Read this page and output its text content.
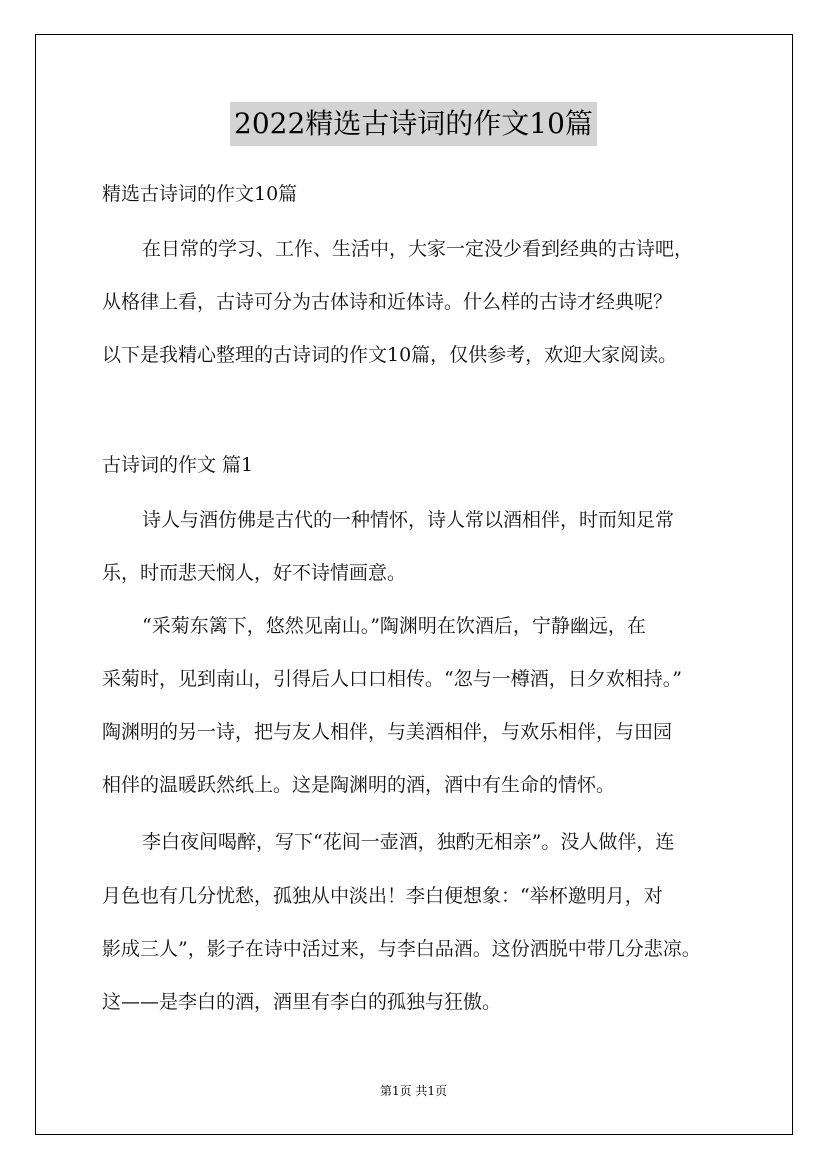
2022精选古诗词的作文10篇
精选古诗词的作文10篇
在日常的学习、工作、生活中，大家一定没少看到经典的古诗吧，
从格律上看，古诗可分为古体诗和近体诗。什么样的古诗才经典呢？
以下是我精心整理的古诗词的作文10篇，仅供参考，欢迎大家阅读。
古诗词的作文 篇1
诗人与酒仿佛是古代的一种情怀，诗人常以酒相伴，时而知足常
乐，时而悲天悯人，好不诗情画意。
“采菊东篱下，悠然见南山。”陶渊明在饮酒后，宁静幽远，在
采菊时，见到南山，引得后人口口相传。“忽与一樽酒，日夕欢相持。”
陶渊明的另一诗，把与友人相伴，与美酒相伴，与欢乐相伴，与田园
相伴的温暖跃然纸上。这是陶渊明的酒，酒中有生命的情怀。
李白夜间喝醉，写下“花间一壶酒，独酌无相亲”。没人做伴，连
月色也有几分忧愁，孤独从中淡出！李白便想象：“举杯邀明月，对
影成三人”，影子在诗中活过来，与李白品酒。这份洒脱中带几分悲凉。
这——是李白的酒，酒里有李白的孤独与狂傲。
第1页 共1页
